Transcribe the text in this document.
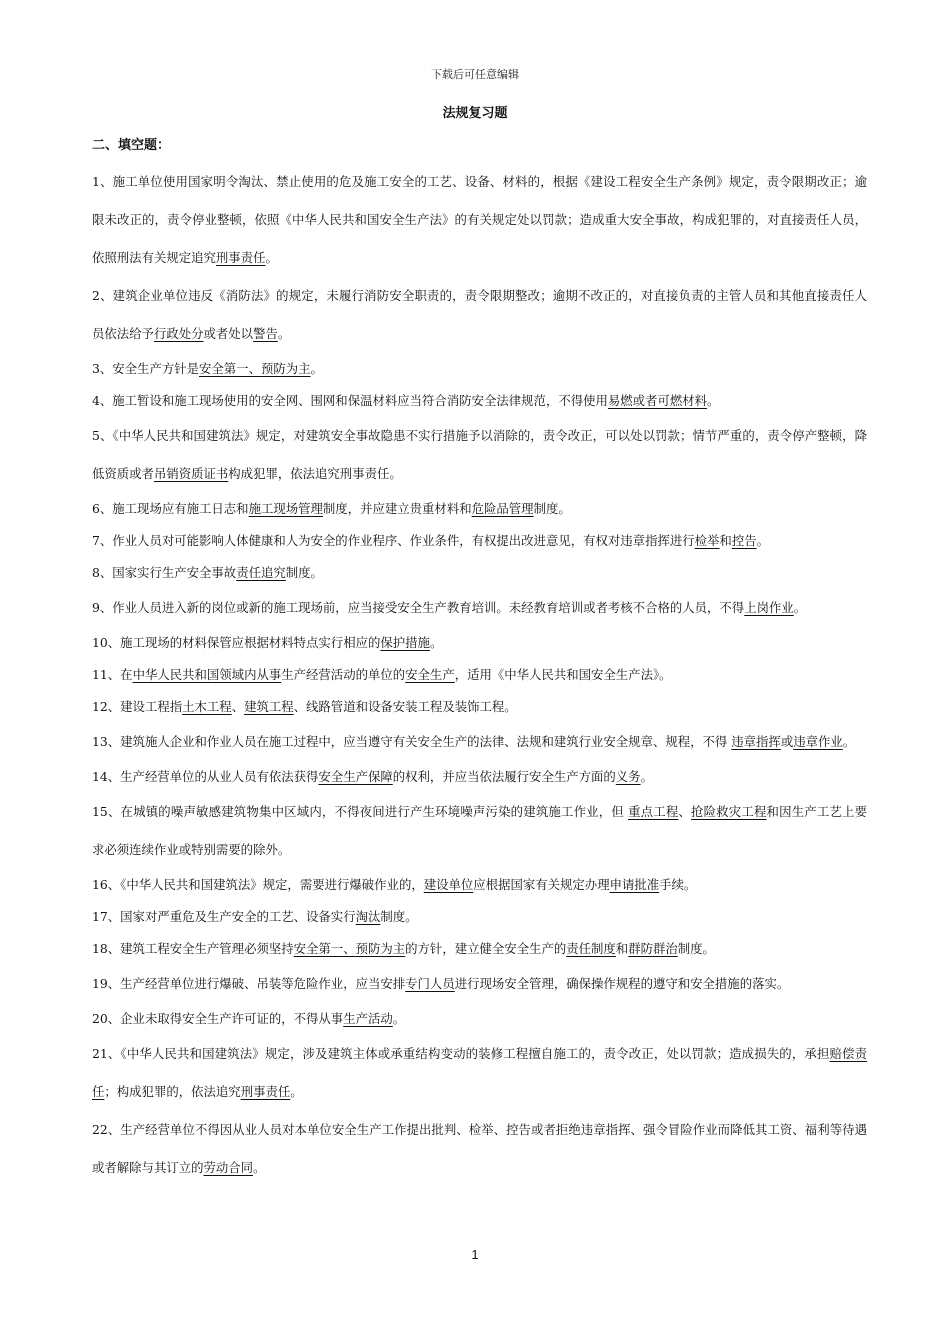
下载后可任意编辑
法规复习题
二、填空题：

1、施工单位使用国家明令淘汰、禁止使用的危及施工安全的工艺、设备、材料的，根据《建设工程安全生产条例》规定，责令限期改正；逾限未改正的，责令停业整顿，依照《中华人民共和国安全生产法》的有关规定处以罚款；造成重大安全事故，构成犯罪的，对直接责任人员，依照刑法有关规定追究刑事责任。

2、建筑企业单位违反《消防法》的规定，未履行消防安全职责的，责令限期整改；逾期不改正的，对直接负责的主管人员和其他直接责任人员依法给予行政处分或者处以警告。

3、安全生产方针是安全第一、预防为主。

4、施工暂设和施工现场使用的安全网、围网和保温材料应当符合消防安全法律规范，不得使用易燃或者可燃材料。

5、《中华人民共和国建筑法》规定，对建筑安全事故隐患不实行措施予以消除的，责令改正，可以处以罚款；情节严重的，责令停产整顿，降低资质或者吊销资质证书构成犯罪，依法追究刑事责任。

6、施工现场应有施工日志和施工现场管理制度，并应建立贵重材料和危险品管理制度。

7、作业人员对可能影响人体健康和人为安全的作业程序、作业条件，有权提出改进意见，有权对违章指挥进行检举和控告。

8、国家实行生产安全事故责任追究制度。

9、作业人员进入新的岗位或新的施工现场前，应当接受安全生产教育培训。未经教育培训或者考核不合格的人员，不得上岗作业。

10、施工现场的材料保管应根据材料特点实行相应的保护措施。

11、在中华人民共和国领域内从事生产经营活动的单位的安全生产，适用《中华人民共和国安全生产法》。

12、建设工程指土木工程、建筑工程、线路管道和设备安装工程及装饰工程。

13、建筑施人企业和作业人员在施工过程中，应当遵守有关安全生产的法律、法规和建筑行业安全规章、规程，不得 违章指挥或违章作业。

14、生产经营单位的从业人员有依法获得安全生产保障的权利，并应当依法履行安全生产方面的义务。

15、在城镇的噪声敏感建筑物集中区域内，不得夜间进行产生环境噪声污染的建筑施工作业，但 重点工程、抢险救灾工程和因生产工艺上要求必须连续作业或特别需要的除外。

16、《中华人民共和国建筑法》规定，需要进行爆破作业的，建设单位应根据国家有关规定办理申请批准手续。

17、国家对严重危及生产安全的工艺、设备实行淘汰制度。

18、建筑工程安全生产管理必须坚持安全第一、预防为主的方针，建立健全安全生产的责任制度和群防群治制度。

19、生产经营单位进行爆破、吊装等危险作业，应当安排专门人员进行现场安全管理，确保操作规程的遵守和安全措施的落实。

20、企业未取得安全生产许可证的，不得从事生产活动。

21、《中华人民共和国建筑法》规定，涉及建筑主体或承重结构变动的装修工程擅自施工的，责令改正，处以罚款；造成损失的，承担赔偿责任；构成犯罪的，依法追究刑事责任。

22、生产经营单位不得因从业人员对本单位安全生产工作提出批判、检举、控告或者拒绝违章指挥、强令冒险作业而降低其工资、福利等待遇或者解除与其订立的劳动合同。

1
